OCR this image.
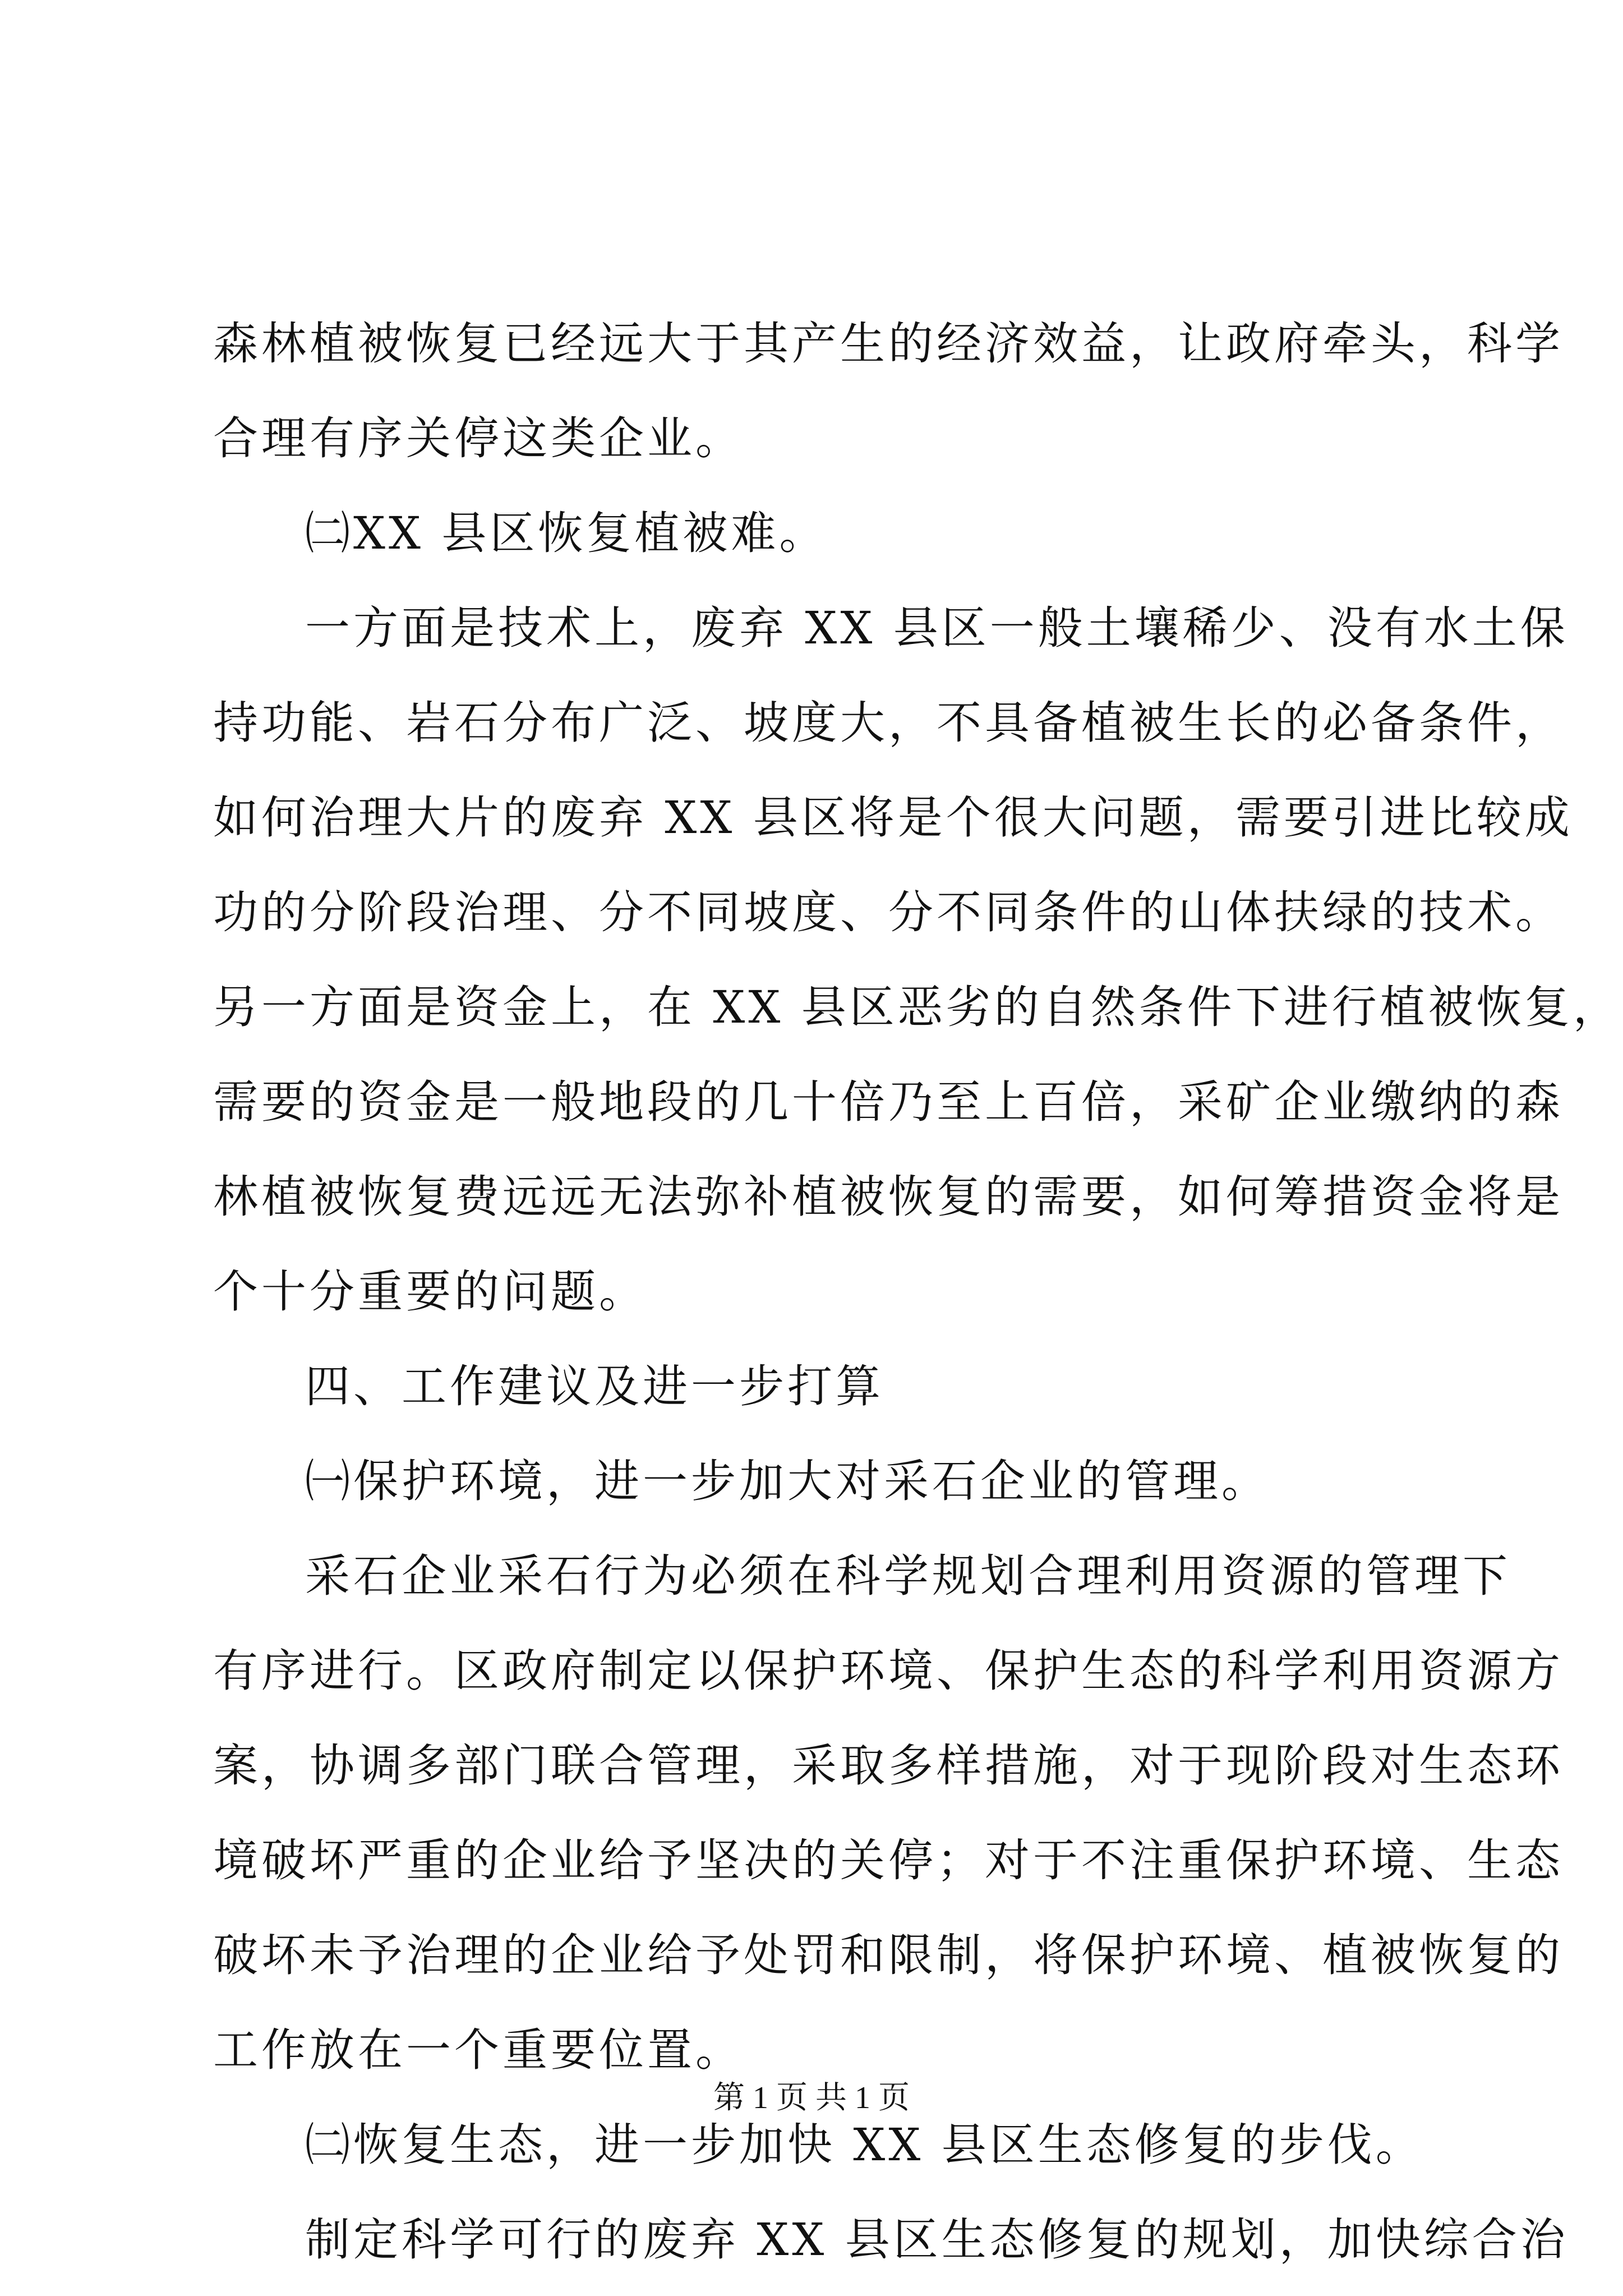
森林植被恢复已经远大于其产生的经济效益，让政府牵头，科学
合理有序关停这类企业。
㈡XX 县区恢复植被难。
一方面是技术上，废弃 XX 县区一般土壤稀少、没有水土保
持功能、岩石分布广泛、坡度大，不具备植被生长的必备条件，
如何治理大片的废弃 XX 县区将是个很大问题，需要引进比较成
功的分阶段治理、分不同坡度、分不同条件的山体扶绿的技术。
另一方面是资金上，在 XX 县区恶劣的自然条件下进行植被恢复，
需要的资金是一般地段的几十倍乃至上百倍，采矿企业缴纳的森
林植被恢复费远远无法弥补植被恢复的需要，如何筹措资金将是
个十分重要的问题。
四、工作建议及进一步打算
㈠保护环境，进一步加大对采石企业的管理。
采石企业采石行为必须在科学规划合理利用资源的管理下
有序进行。区政府制定以保护环境、保护生态的科学利用资源方
案，协调多部门联合管理，采取多样措施，对于现阶段对生态环
境破坏严重的企业给予坚决的关停；对于不注重保护环境、生态
破坏未予治理的企业给予处罚和限制，将保护环境、植被恢复的
工作放在一个重要位置。
㈡恢复生态，进一步加快 XX 县区生态修复的步伐。
制定科学可行的废弃 XX 县区生态修复的规划，加快综合治
第 1 页 共 1 页
